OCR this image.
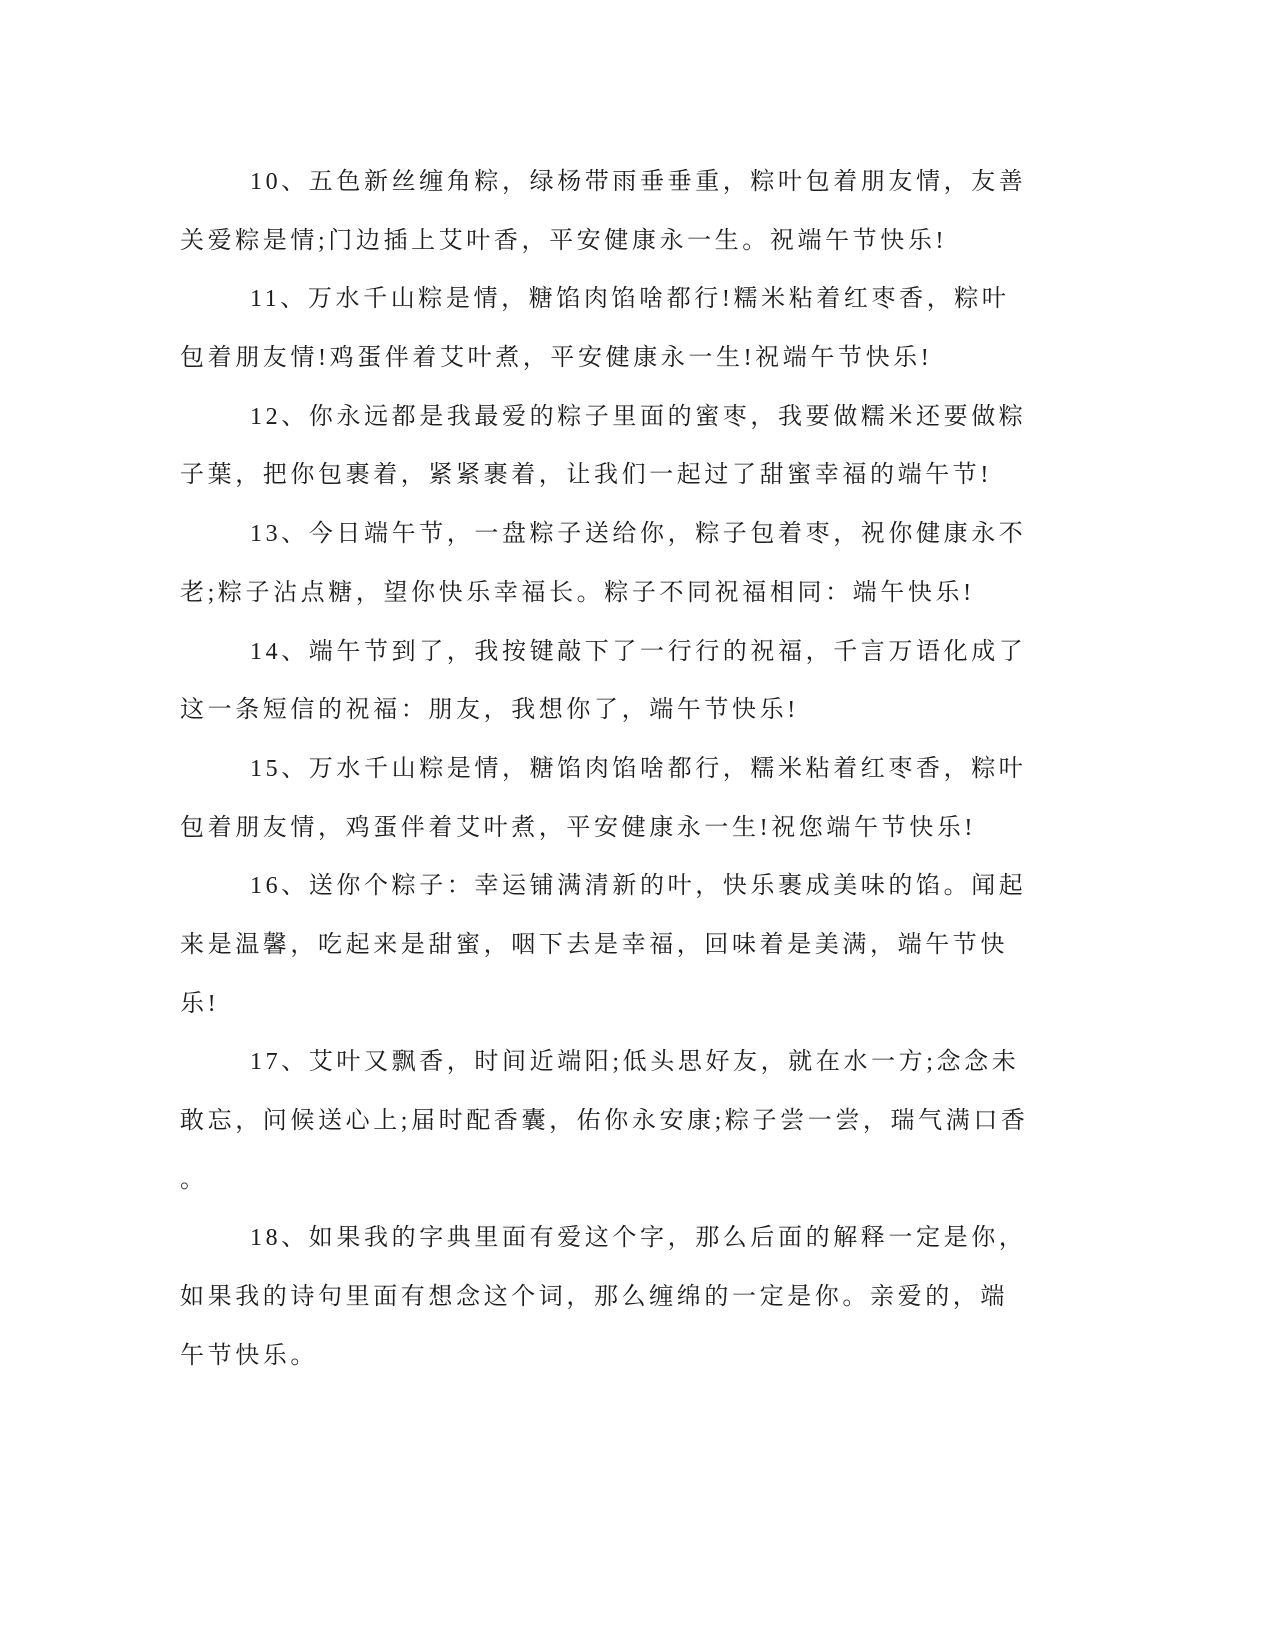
10、五色新丝缠角粽，绿杨带雨垂垂重，粽叶包着朋友情，友善
关爱粽是情;门边插上艾叶香，平安健康永一生。祝端午节快乐!
11、万水千山粽是情，糖馅肉馅啥都行!糯米粘着红枣香，粽叶
包着朋友情!鸡蛋伴着艾叶煮，平安健康永一生!祝端午节快乐!
12、你永远都是我最爱的粽子里面的蜜枣，我要做糯米还要做粽
子葉，把你包裹着，紧紧裹着，让我们一起过了甜蜜幸福的端午节!
13、今日端午节，一盘粽子送给你，粽子包着枣，祝你健康永不
老;粽子沾点糖，望你快乐幸福长。粽子不同祝福相同：端午快乐!
14、端午节到了，我按键敲下了一行行的祝福，千言万语化成了
这一条短信的祝福：朋友，我想你了，端午节快乐!
15、万水千山粽是情，糖馅肉馅啥都行，糯米粘着红枣香，粽叶
包着朋友情，鸡蛋伴着艾叶煮，平安健康永一生!祝您端午节快乐!
16、送你个粽子：幸运铺满清新的叶，快乐裹成美味的馅。闻起
来是温馨，吃起来是甜蜜，咽下去是幸福，回味着是美满，端午节快
乐!
17、艾叶又飘香，时间近端阳;低头思好友，就在水一方;念念未
敢忘，问候送心上;届时配香囊，佑你永安康;粽子尝一尝，瑞气满口香
。
18、如果我的字典里面有爱这个字，那么后面的解释一定是你，
如果我的诗句里面有想念这个词，那么缠绵的一定是你。亲爱的，端
午节快乐。
